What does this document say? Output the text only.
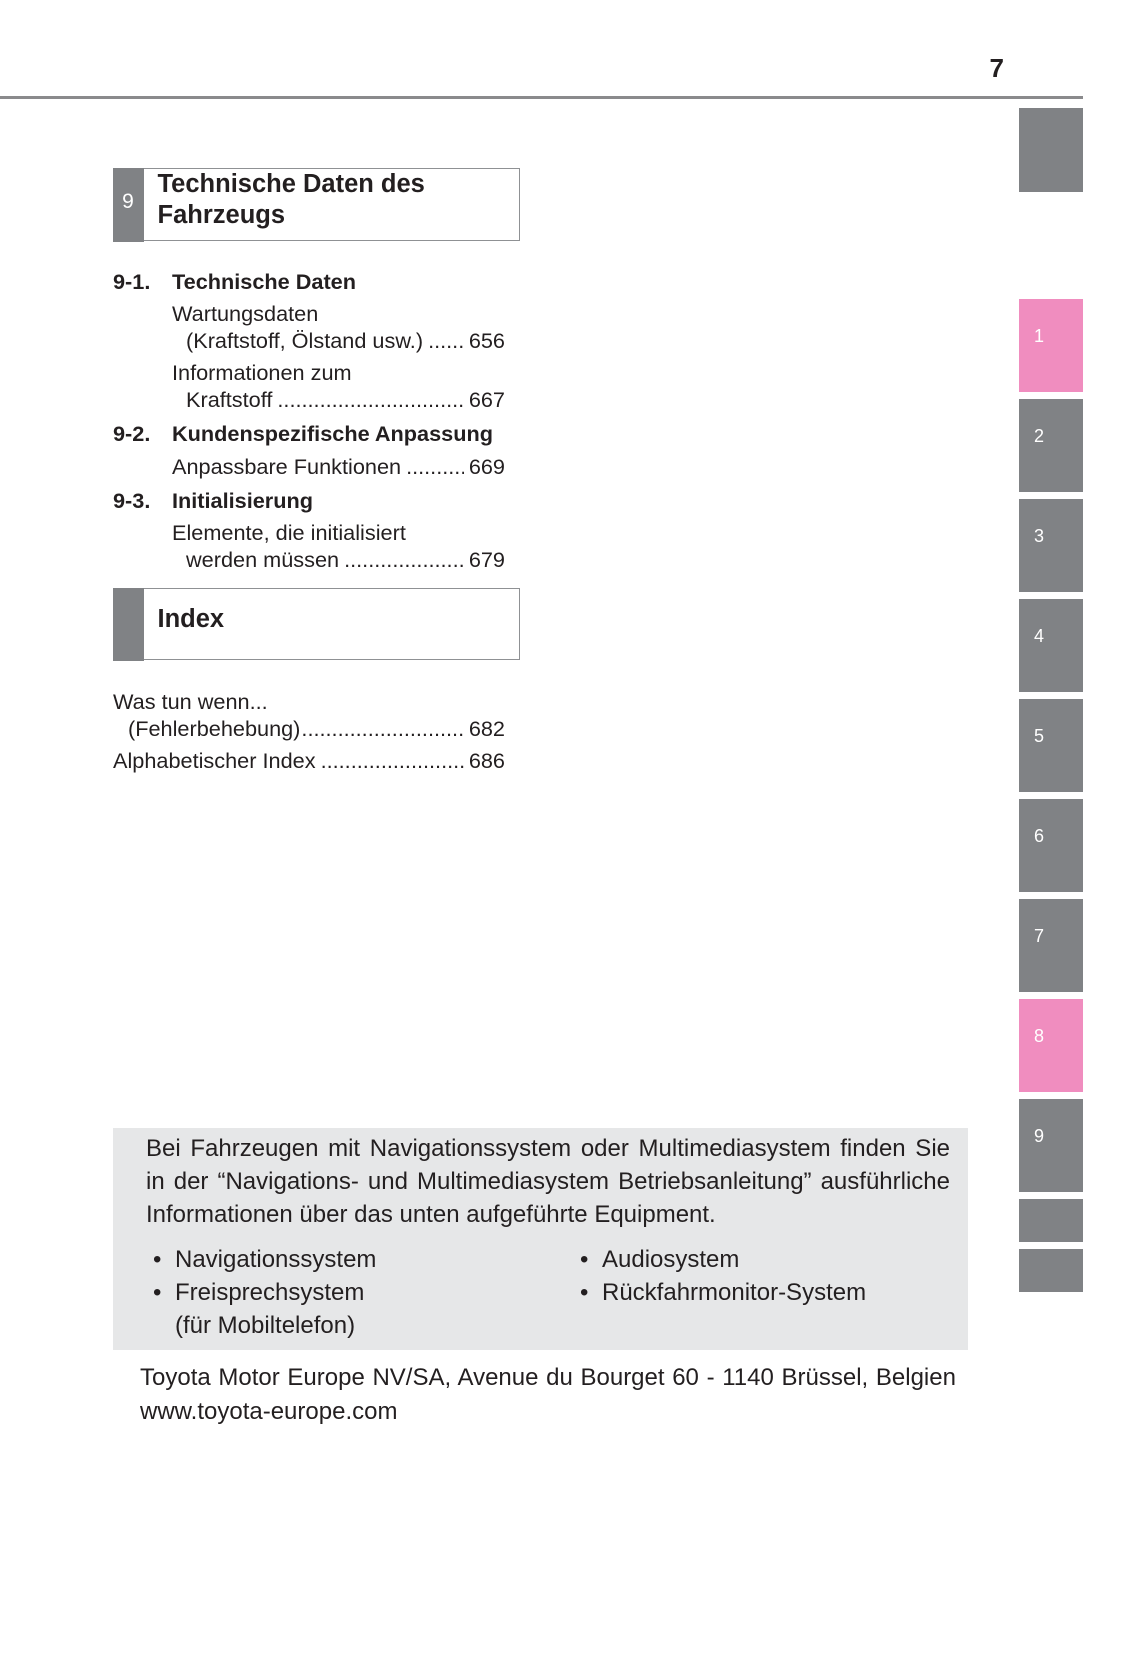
7
1
2
3
4
5
6
7
8
9
9
Technische Daten des Fahrzeugs
9-1. Technische Daten
Wartungsdaten
(Kraftstoff, Ölstand usw.) ..... 656
Informationen zum
Kraftstoff .....	667
9-2. Kundenspezifische Anpassung
Anpassbare Funktionen .....	669
9-3. Initialisierung
Elemente, die initialisiert
werden müssen .....	679
Index
Was tun wenn...
(Fehlerbehebung) .....	682
Alphabetischer Index .....	686
Bei Fahrzeugen mit Navigationssystem oder Multimediasystem finden Sie in der “Navigations- und Multimediasystem Betriebsanleitung” ausführliche Informationen über das unten aufgeführte Equipment.
•
Navigationssystem
•
Freisprechsystem
(für Mobiltelefon)
•
Audiosystem
•
Rückfahrmonitor-System
Toyota Motor Europe NV/SA, Avenue du Bourget 60 - 1140 Brüssel, Belgien
www.toyota-europe.com
